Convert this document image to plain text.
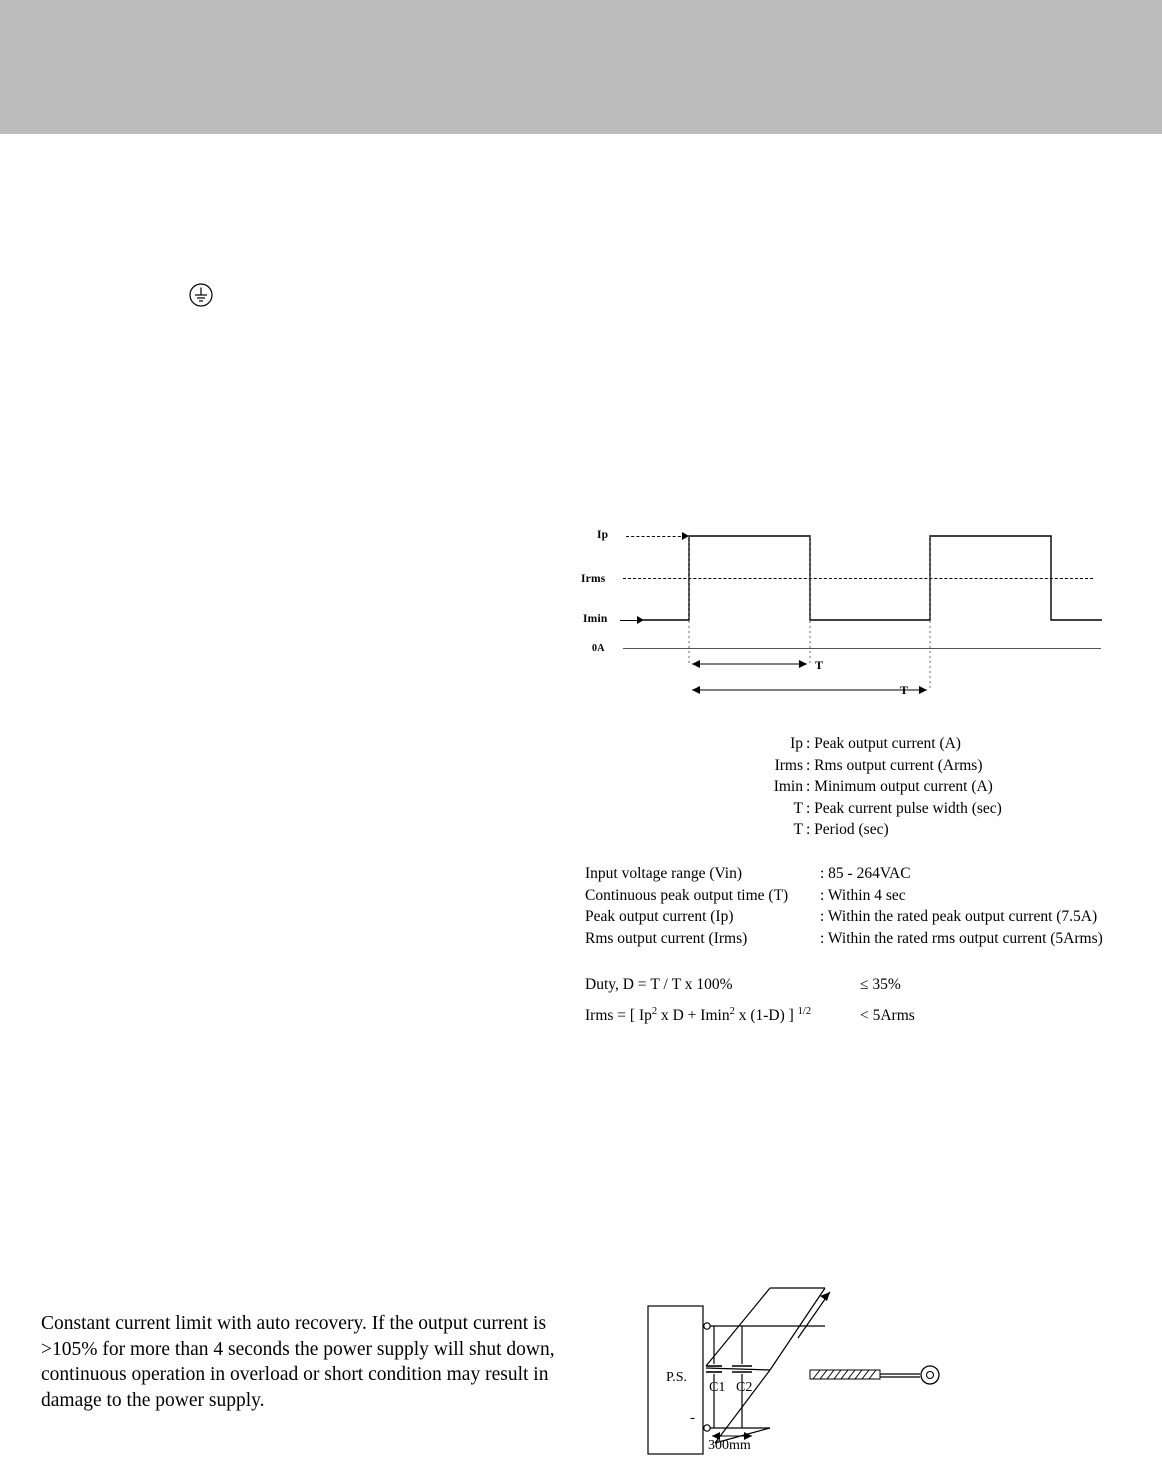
Ip
Irms
Imin
0A
Τ
T
Ip : Peak output current (A)
Irms : Rms output current (Arms)
Imin : Minimum output current (A)
Τ : Peak current pulse width (sec)
T : Period (sec)
Input voltage range (Vin)	: 85 - 264VAC
Continuous peak output time (Τ)	: Within 4 sec
Peak output current (Ip)	: Within the rated peak output current (7.5A)
Rms output current (Irms)	: Within the rated rms output current (5Arms)
Duty, D = Τ / T x 100%	≤ 35%
Irms = [ Ip$^2$ x D + Imin$^2$ x (1-D) ] $^{1/2}$	< 5Arms
Constant current limit with auto recovery. If the output current is >105% for more than 4 seconds the power supply will shut down, continuous operation in overload or short condition may result in damage to the power supply.
P.S.
C1 C2
-
300mm
